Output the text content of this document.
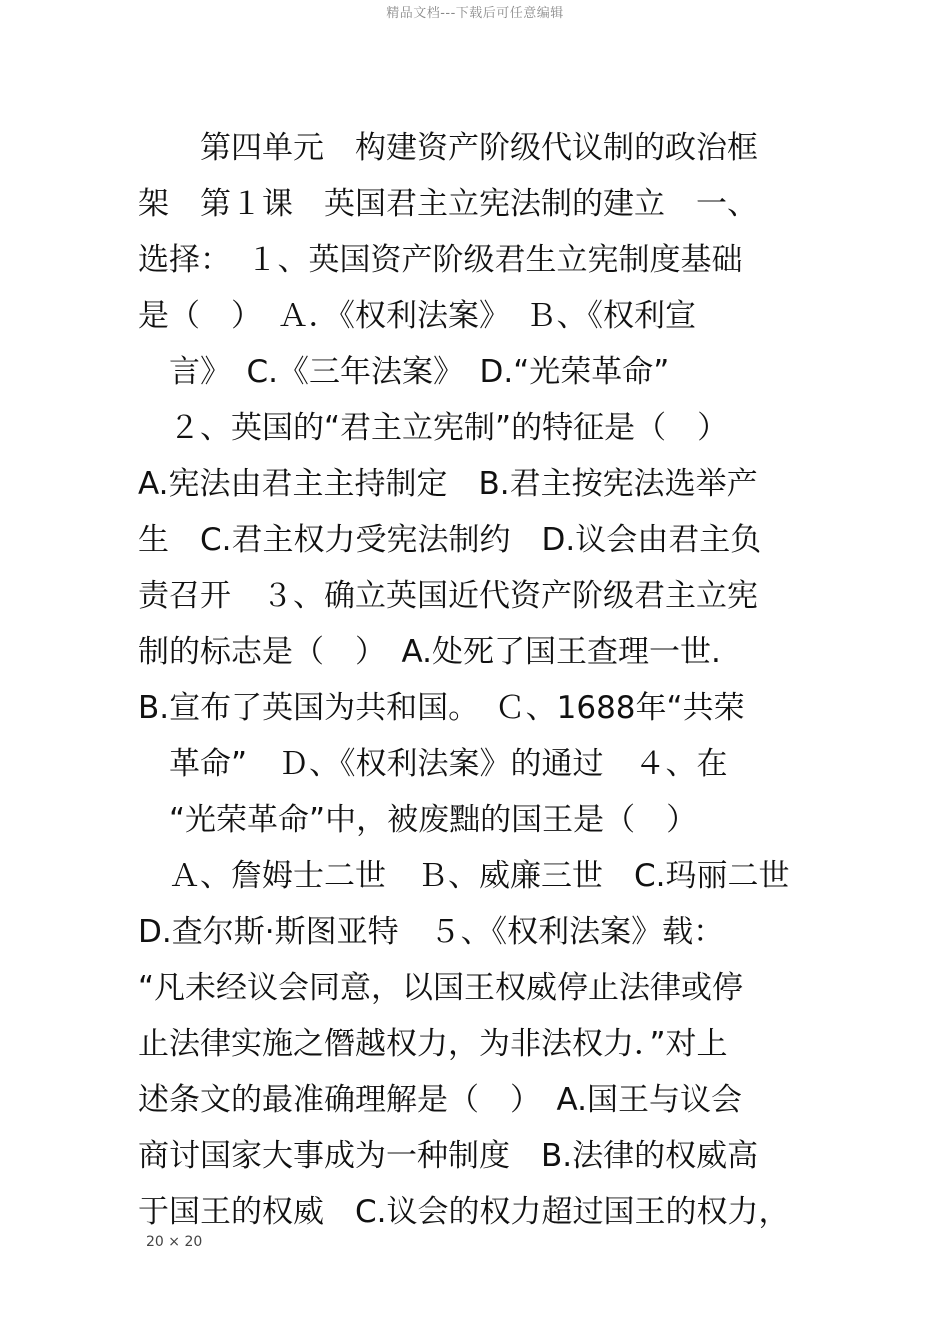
精品文档---下载后可任意编辑
　　第四单元　构建资产阶级代议制的政治框
架　第１课　英国君主立宪法制的建立　一、
选择：　１、英国资产阶级君生立宪制度基础
是（　）　Ａ．《权利法案》　Ｂ、《权利宣
　言》　C.《三年法案》　D.“光荣革命”
　２、英国的“君主立宪制”的特征是（　）
A.宪法由君主主持制定　B.君主按宪法选举产
生　C.君主权力受宪法制约　D.议会由君主负
责召开　３、确立英国近代资产阶级君主立宪
制的标志是（　）　A.处死了国王查理一世.
B.宣布了英国为共和国。　Ｃ、1688年“共荣
　革命”　Ｄ、《权利法案》的通过　４、在
　“光荣革命”中，被废黜的国王是（　）
　Ａ、詹姆士二世　Ｂ、威廉三世　C.玛丽二世
D.查尔斯·斯图亚特　５、《权利法案》载：
“凡未经议会同意，以国王权威停止法律或停
止法律实施之僭越权力，为非法权力．”对上
述条文的最准确理解是（　）　A.国王与议会
商讨国家大事成为一种制度　B.法律的权威高
于国王的权威　C.议会的权力超过国王的权力，
20 × 20
